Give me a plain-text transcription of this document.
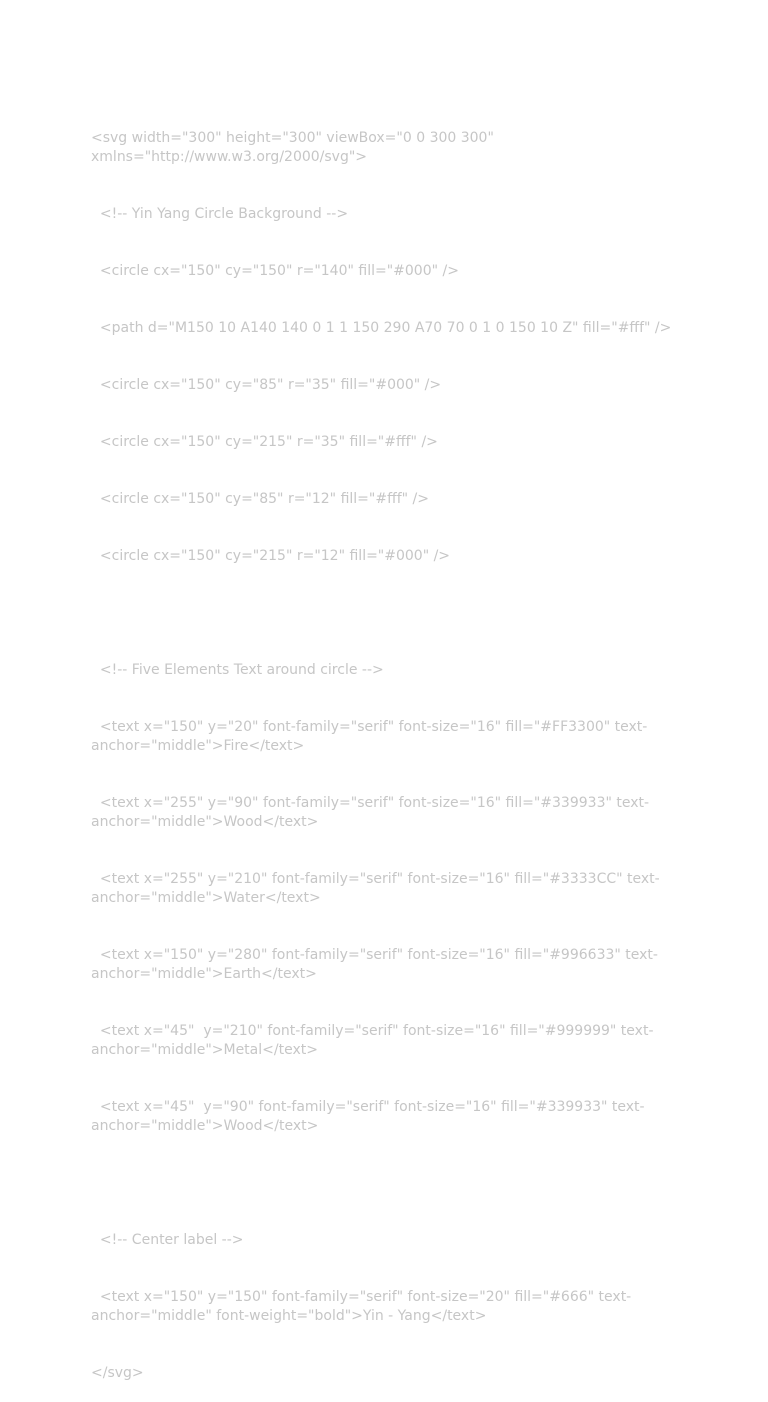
<svg width="300" height="300" viewBox="0 0 300 300"
xmlns="http://www.w3.org/2000/svg">

<!-- Yin Yang Circle Background -->

<circle cx="150" cy="150" r="140" fill="#000" />

<path d="M150 10 A140 140 0 1 1 150 290 A70 70 0 1 0 150 10 Z" fill="#fff" />

<circle cx="150" cy="85" r="35" fill="#000" />

<circle cx="150" cy="215" r="35" fill="#fff" />

<circle cx="150" cy="85" r="12" fill="#fff" />

<circle cx="150" cy="215" r="12" fill="#000" />

<!-- Five Elements Text around circle -->

<text x="150" y="20" font-family="serif" font-size="16" fill="#FF3300" text-
anchor="middle">Fire</text>

<text x="255" y="90" font-family="serif" font-size="16" fill="#339933" text-
anchor="middle">Wood</text>

<text x="255" y="210" font-family="serif" font-size="16" fill="#3333CC" text-
anchor="middle">Water</text>

<text x="150" y="280" font-family="serif" font-size="16" fill="#996633" text-
anchor="middle">Earth</text>

<text x="45"  y="210" font-family="serif" font-size="16" fill="#999999" text-
anchor="middle">Metal</text>

<text x="45"  y="90" font-family="serif" font-size="16" fill="#339933" text-
anchor="middle">Wood</text>

<!-- Center label -->

<text x="150" y="150" font-family="serif" font-size="20" fill="#666" text-
anchor="middle" font-weight="bold">Yin - Yang</text>

</svg>
